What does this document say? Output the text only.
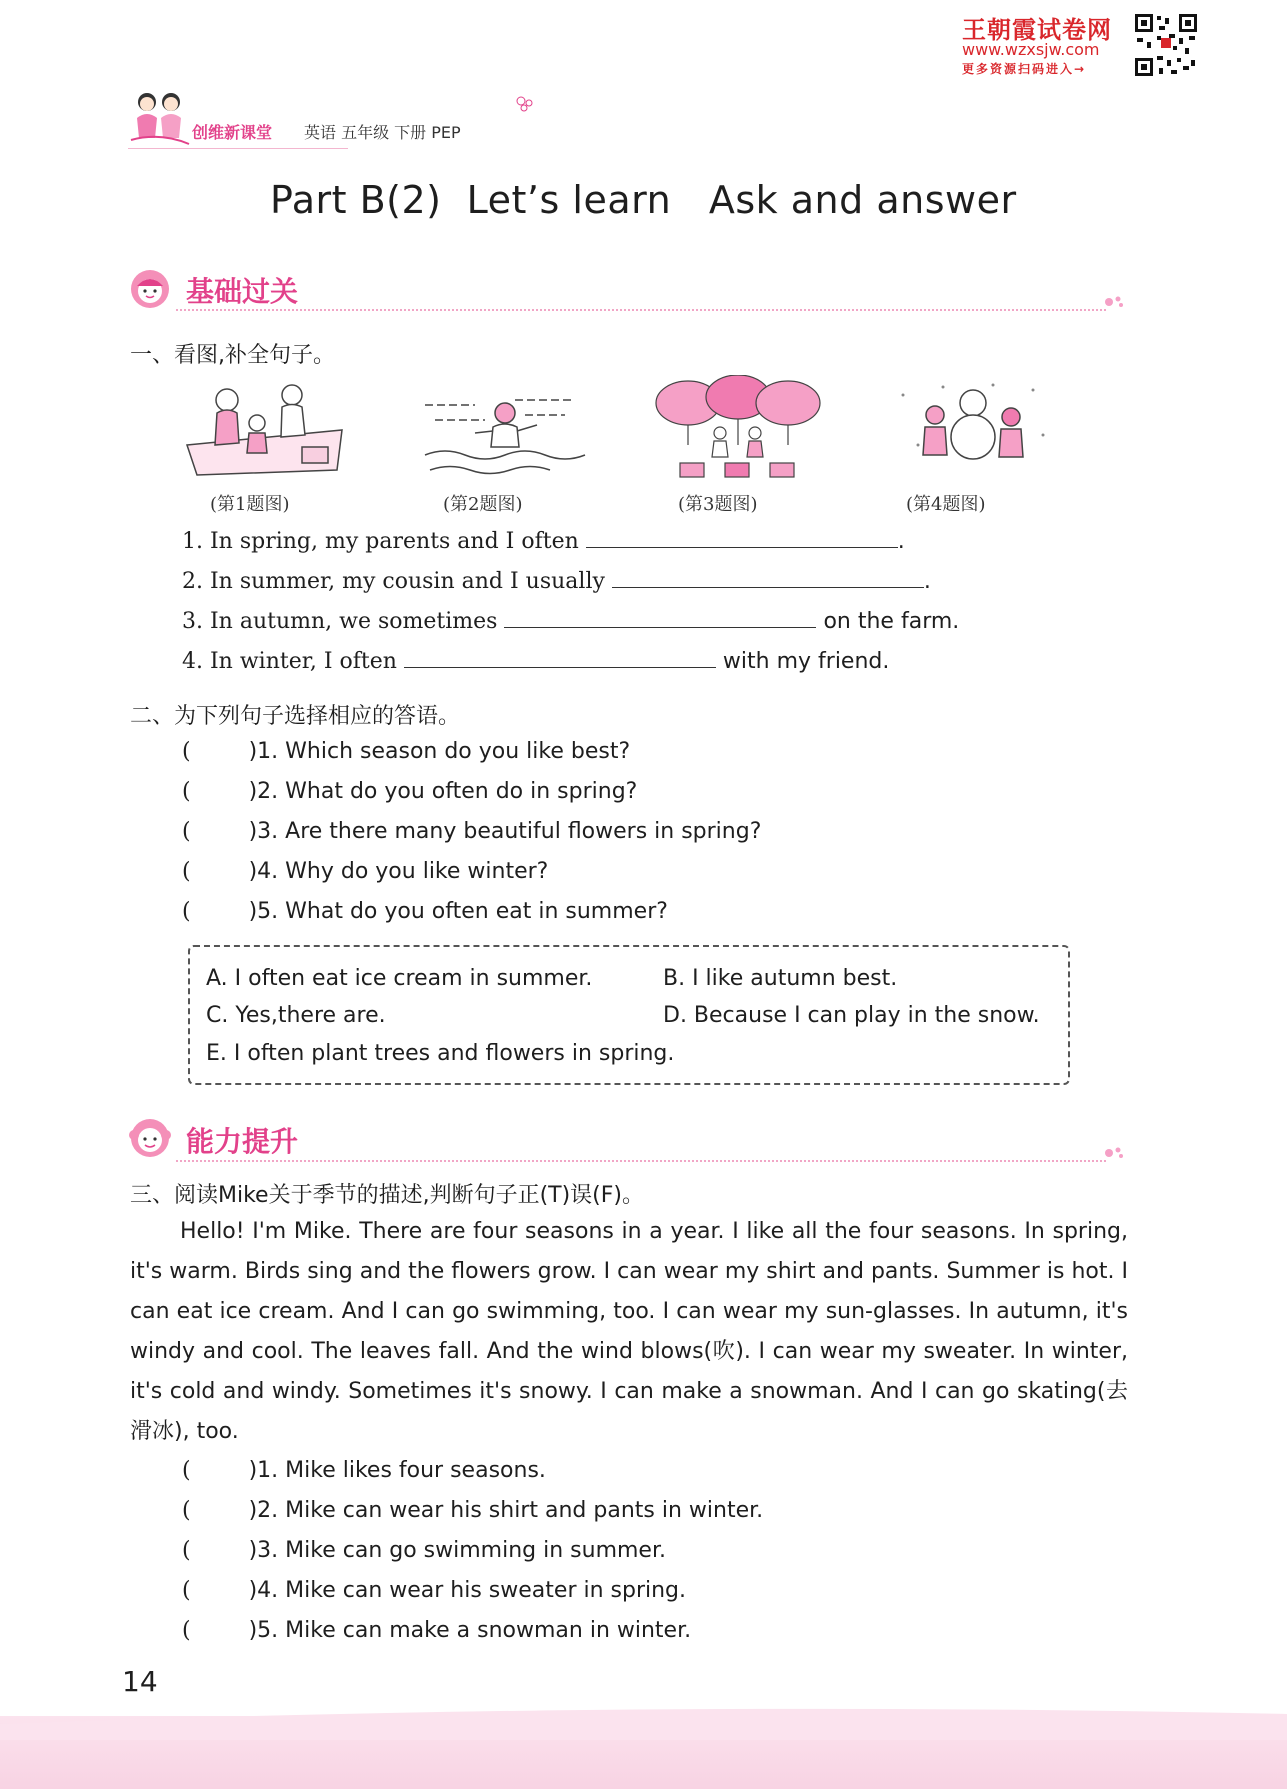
王朝霞试卷网
www.wzxsjw.com
更多资源扫码进入→
创维新课堂 英语 五年级 下册 PEP
Part B(2)  Let’s learn   Ask and answer
基础过关
一、看图,补全句子。
(第1题图)	(第2题图)	(第3题图)	(第4题图)
1. In spring, my parents and I often	.
2. In summer, my cousin and I usually	.
3. In autumn, we sometimes	on the farm.
4. In winter, I often	with my friend.
二、为下列句子选择相应的答语。
(	)1. Which season do you like best?
(	)2. What do you often do in spring?
(	)3. Are there many beautiful flowers in spring?
(	)4. Why do you like winter?
(	)5. What do you often eat in summer?
A. I often eat ice cream in summer.	B. I like autumn best.
C. Yes,there are.	D. Because I can play in the snow.
E. I often plant trees and flowers in spring.
能力提升
三、阅读Mike关于季节的描述,判断句子正(T)误(F)。

Hello! I'm Mike. There are four seasons in a year. I like all the four seasons. In spring, it's warm. Birds sing and the flowers grow. I can wear my shirt and pants. Summer is hot. I can eat ice cream. And I can go swimming, too. I can wear my sun-glasses. In autumn, it's windy and cool. The leaves fall. And the wind blows(吹). I can wear my sweater. In winter, it's cold and windy. Sometimes it's snowy. I can make a snowman. And I can go skating(去滑冰), too.

(	)1. Mike likes four seasons.
(	)2. Mike can wear his shirt and pants in winter.
(	)3. Mike can go swimming in summer.
(	)4. Mike can wear his sweater in spring.
(	)5. Mike can make a snowman in winter.
14
